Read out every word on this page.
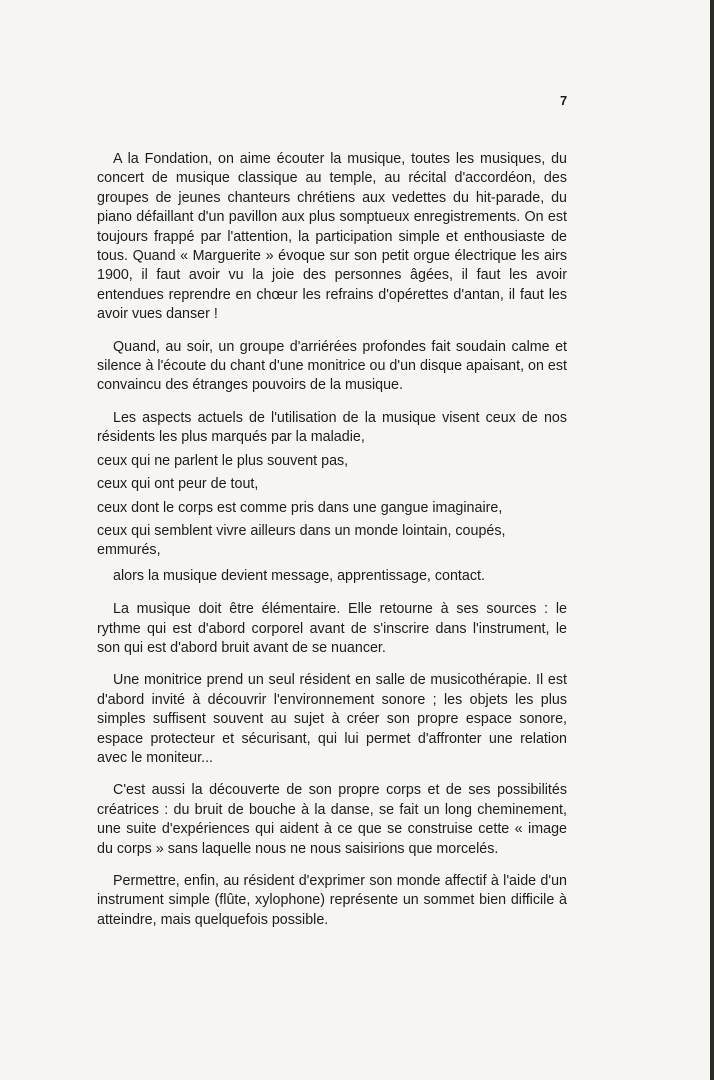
7

A la Fondation, on aime écouter la musique, toutes les musiques, du concert de musique classique au temple, au récital d'accordéon, des groupes de jeunes chanteurs chrétiens aux vedettes du hit-parade, du piano défaillant d'un pavillon aux plus somptueux enregistrements. On est toujours frappé par l'attention, la participation simple et enthousiaste de tous. Quand « Marguerite » évoque sur son petit orgue électrique les airs 1900, il faut avoir vu la joie des personnes âgées, il faut les avoir entendues reprendre en chœur les refrains d'opérettes d'antan, il faut les avoir vues danser !

Quand, au soir, un groupe d'arriérées profondes fait soudain calme et silence à l'écoute du chant d'une monitrice ou d'un disque apaisant, on est convaincu des étranges pouvoirs de la musique.

Les aspects actuels de l'utilisation de la musique visent ceux de nos résidents les plus marqués par la maladie,

ceux qui ne parlent le plus souvent pas,

ceux qui ont peur de tout,

ceux dont le corps est comme pris dans une gangue imaginaire,

ceux qui semblent vivre ailleurs dans un monde lointain, coupés, emmurés,

alors la musique devient message, apprentissage, contact.

La musique doit être élémentaire. Elle retourne à ses sources : le rythme qui est d'abord corporel avant de s'inscrire dans l'instrument, le son qui est d'abord bruit avant de se nuancer.

Une monitrice prend un seul résident en salle de musicothérapie. Il est d'abord invité à découvrir l'environnement sonore ; les objets les plus simples suffisent souvent au sujet à créer son propre espace sonore, espace protecteur et sécurisant, qui lui permet d'affronter une relation avec le moniteur...

C'est aussi la découverte de son propre corps et de ses possibilités créatrices : du bruit de bouche à la danse, se fait un long cheminement, une suite d'expériences qui aident à ce que se construise cette « image du corps » sans laquelle nous ne nous saisirions que morcelés.

Permettre, enfin, au résident d'exprimer son monde affectif à l'aide d'un instrument simple (flûte, xylophone) représente un sommet bien difficile à atteindre, mais quelquefois possible.
